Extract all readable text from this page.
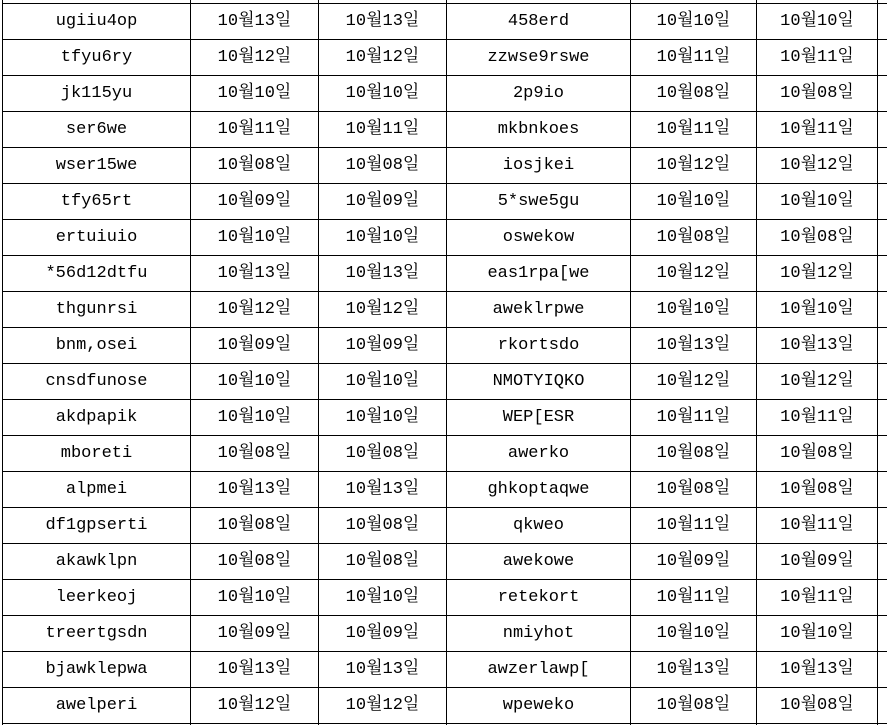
ugiiu4op	10월13일	10월13일	458erd	10월10일	10월10일	
tfyu6ry	10월12일	10월12일	zzwse9rswe	10월11일	10월11일	
jk115yu	10월10일	10월10일	2p9io	10월08일	10월08일	
ser6we	10월11일	10월11일	mkbnkoes	10월11일	10월11일	
wser15we	10월08일	10월08일	iosjkei	10월12일	10월12일	
tfy65rt	10월09일	10월09일	5*swe5gu	10월10일	10월10일	
ertuiuio	10월10일	10월10일	oswekow	10월08일	10월08일	
*56d12dtfu	10월13일	10월13일	eas1rpa[we	10월12일	10월12일	
thgunrsi	10월12일	10월12일	aweklrpwe	10월10일	10월10일	
bnm,osei	10월09일	10월09일	rkortsdo	10월13일	10월13일	
cnsdfunose	10월10일	10월10일	NMOTYIQKO	10월12일	10월12일	
akdpapik	10월10일	10월10일	WEP[ESR	10월11일	10월11일	
mboreti	10월08일	10월08일	awerko	10월08일	10월08일	
alpmei	10월13일	10월13일	ghkoptaqwe	10월08일	10월08일	
df1gpserti	10월08일	10월08일	qkweo	10월11일	10월11일	
akawklpn	10월08일	10월08일	awekowe	10월09일	10월09일	
leerkeoj	10월10일	10월10일	retekort	10월11일	10월11일	
treertgsdn	10월09일	10월09일	nmiyhot	10월10일	10월10일	
bjawklepwa	10월13일	10월13일	awzerlawp[	10월13일	10월13일	
awelperi	10월12일	10월12일	wpeweko	10월08일	10월08일	
